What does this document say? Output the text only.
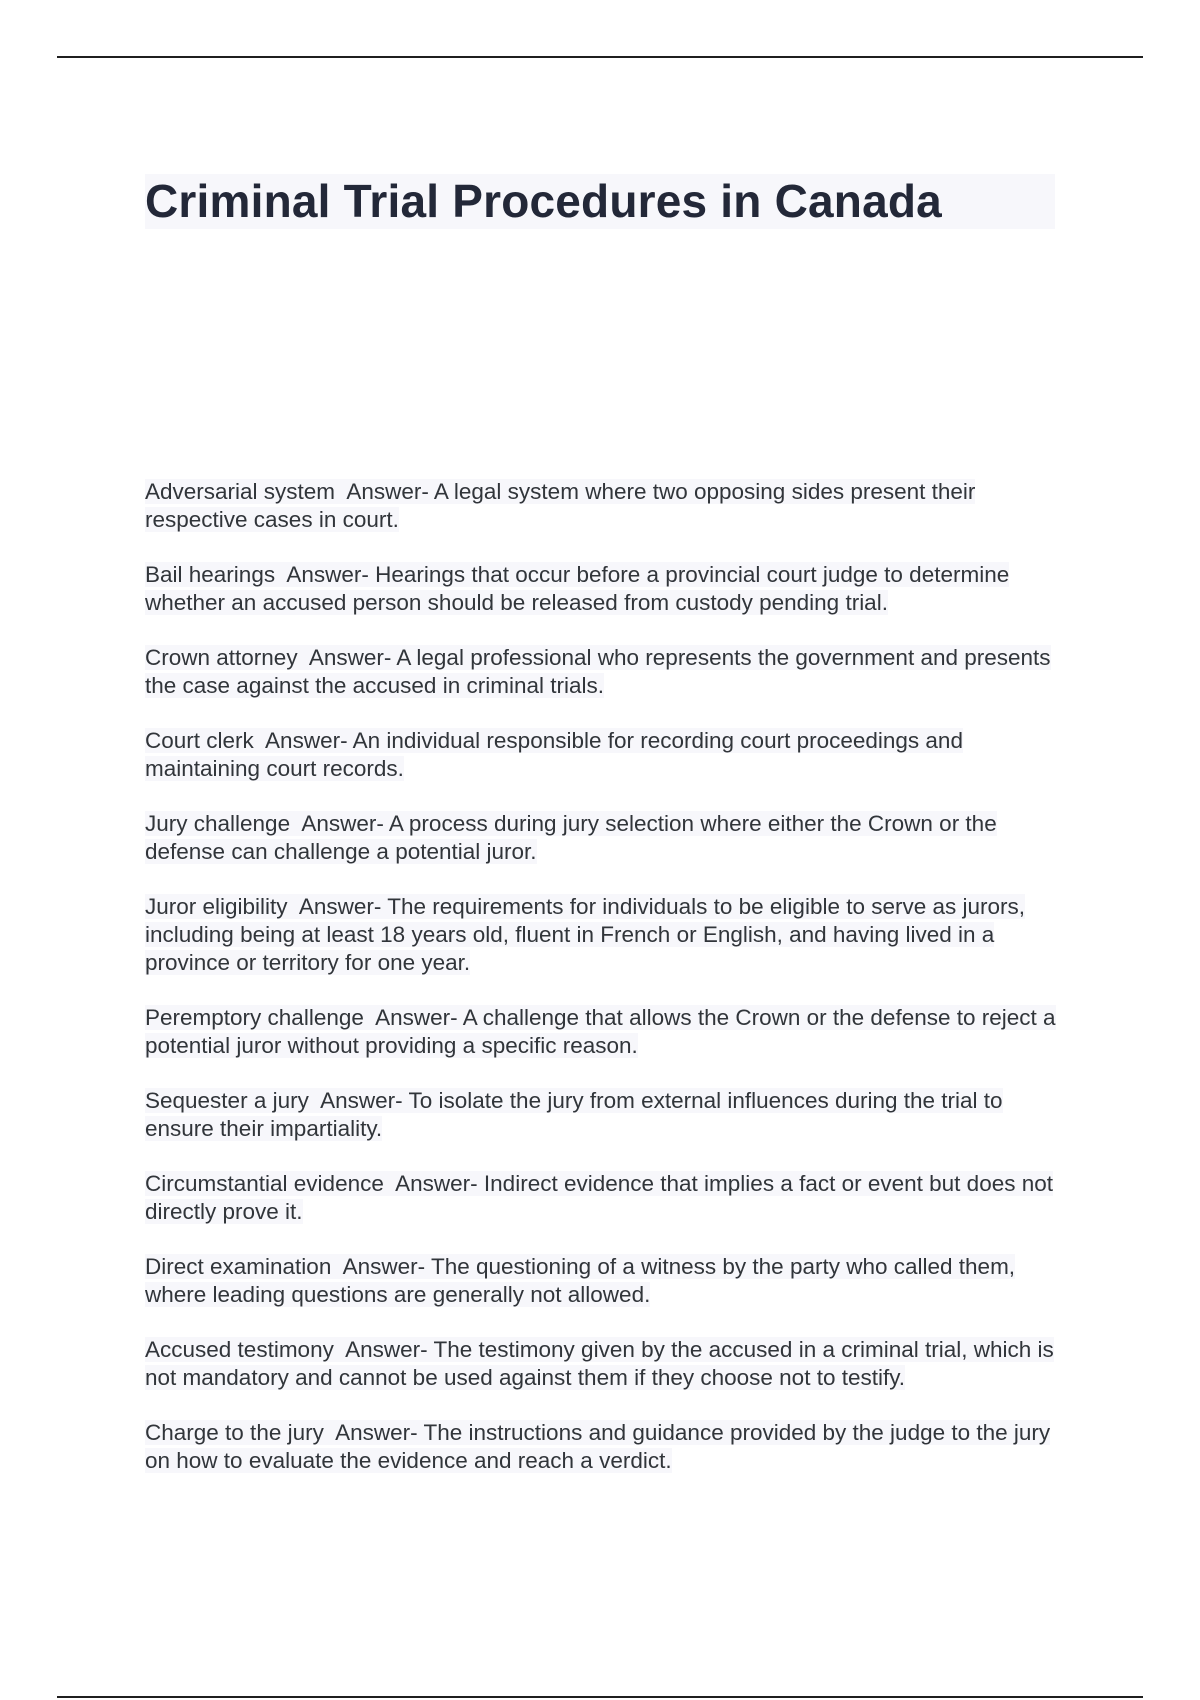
Criminal Trial Procedures in Canada

Adversarial system Answer- A legal system where two opposing sides present their respective cases in court.

Bail hearings Answer- Hearings that occur before a provincial court judge to determine whether an accused person should be released from custody pending trial.

Crown attorney Answer- A legal professional who represents the government and presents the case against the accused in criminal trials.

Court clerk Answer- An individual responsible for recording court proceedings and maintaining court records.

Jury challenge Answer- A process during jury selection where either the Crown or the defense can challenge a potential juror.

Juror eligibility Answer- The requirements for individuals to be eligible to serve as jurors, including being at least 18 years old, fluent in French or English, and having lived in a province or territory for one year.

Peremptory challenge Answer- A challenge that allows the Crown or the defense to reject a potential juror without providing a specific reason.

Sequester a jury Answer- To isolate the jury from external influences during the trial to ensure their impartiality.

Circumstantial evidence Answer- Indirect evidence that implies a fact or event but does not directly prove it.

Direct examination Answer- The questioning of a witness by the party who called them, where leading questions are generally not allowed.

Accused testimony Answer- The testimony given by the accused in a criminal trial, which is not mandatory and cannot be used against them if they choose not to testify.

Charge to the jury Answer- The instructions and guidance provided by the judge to the jury on how to evaluate the evidence and reach a verdict.
